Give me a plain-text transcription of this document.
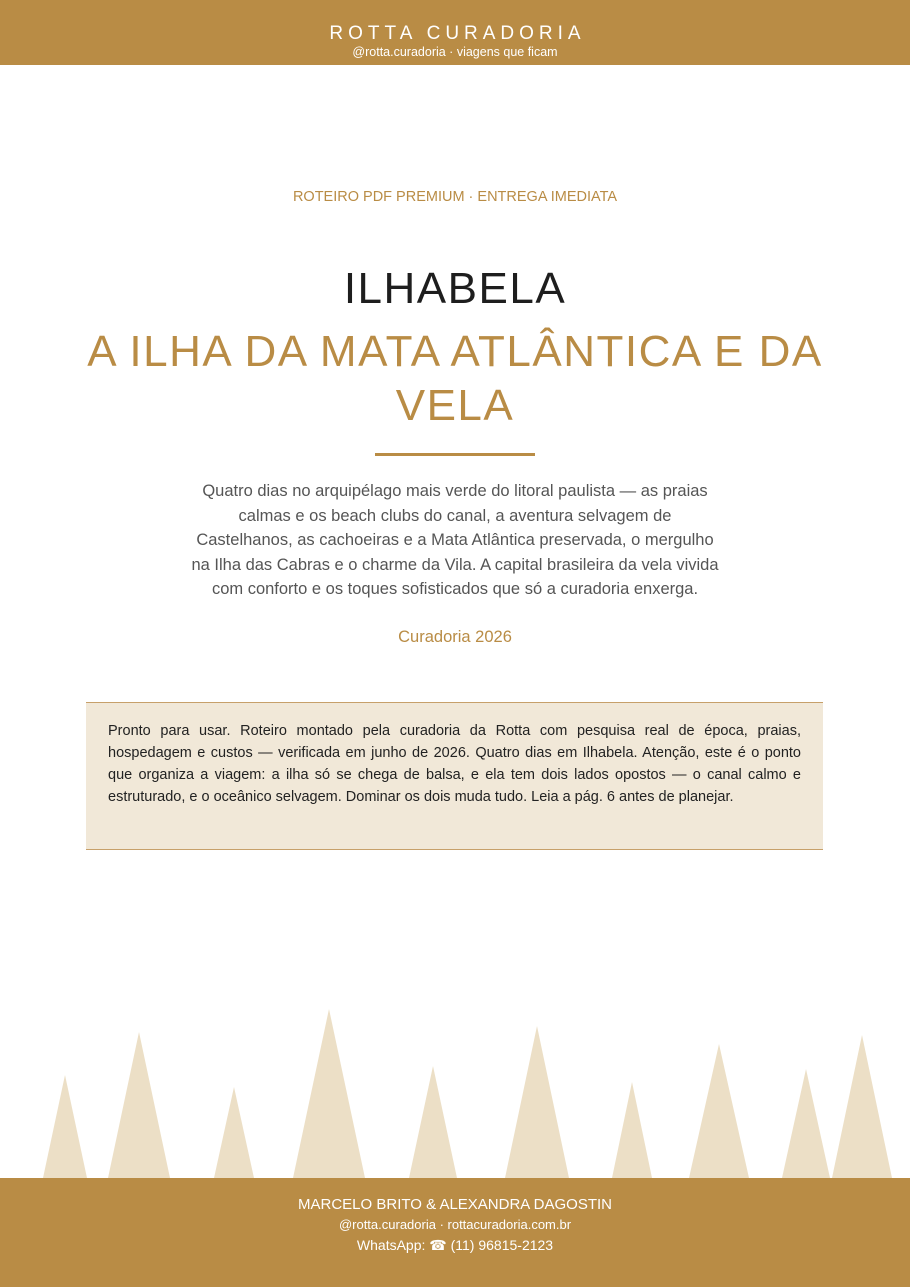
ROTTA CURADORIA
@rotta.curadoria · viagens que ficam
ROTEIRO PDF PREMIUM · ENTREGA IMEDIATA
ILHABELA
A ILHA DA MATA ATLÂNTICA E DA VELA
Quatro dias no arquipélago mais verde do litoral paulista — as praias calmas e os beach clubs do canal, a aventura selvagem de Castelhanos, as cachoeiras e a Mata Atlântica preservada, o mergulho na Ilha das Cabras e o charme da Vila. A capital brasileira da vela vivida com conforto e os toques sofisticados que só a curadoria enxerga.
Curadoria 2026
Pronto para usar. Roteiro montado pela curadoria da Rotta com pesquisa real de época, praias, hospedagem e custos — verificada em junho de 2026. Quatro dias em Ilhabela. Atenção, este é o ponto que organiza a viagem: a ilha só se chega de balsa, e ela tem dois lados opostos — o canal calmo e estruturado, e o oceânico selvagem. Dominar os dois muda tudo. Leia a pág. 6 antes de planejar.
MARCELO BRITO & ALEXANDRA DAGOSTIN
@rotta.curadoria · rottacuradoria.com.br
WhatsApp: ☎ (11) 96815-2123
